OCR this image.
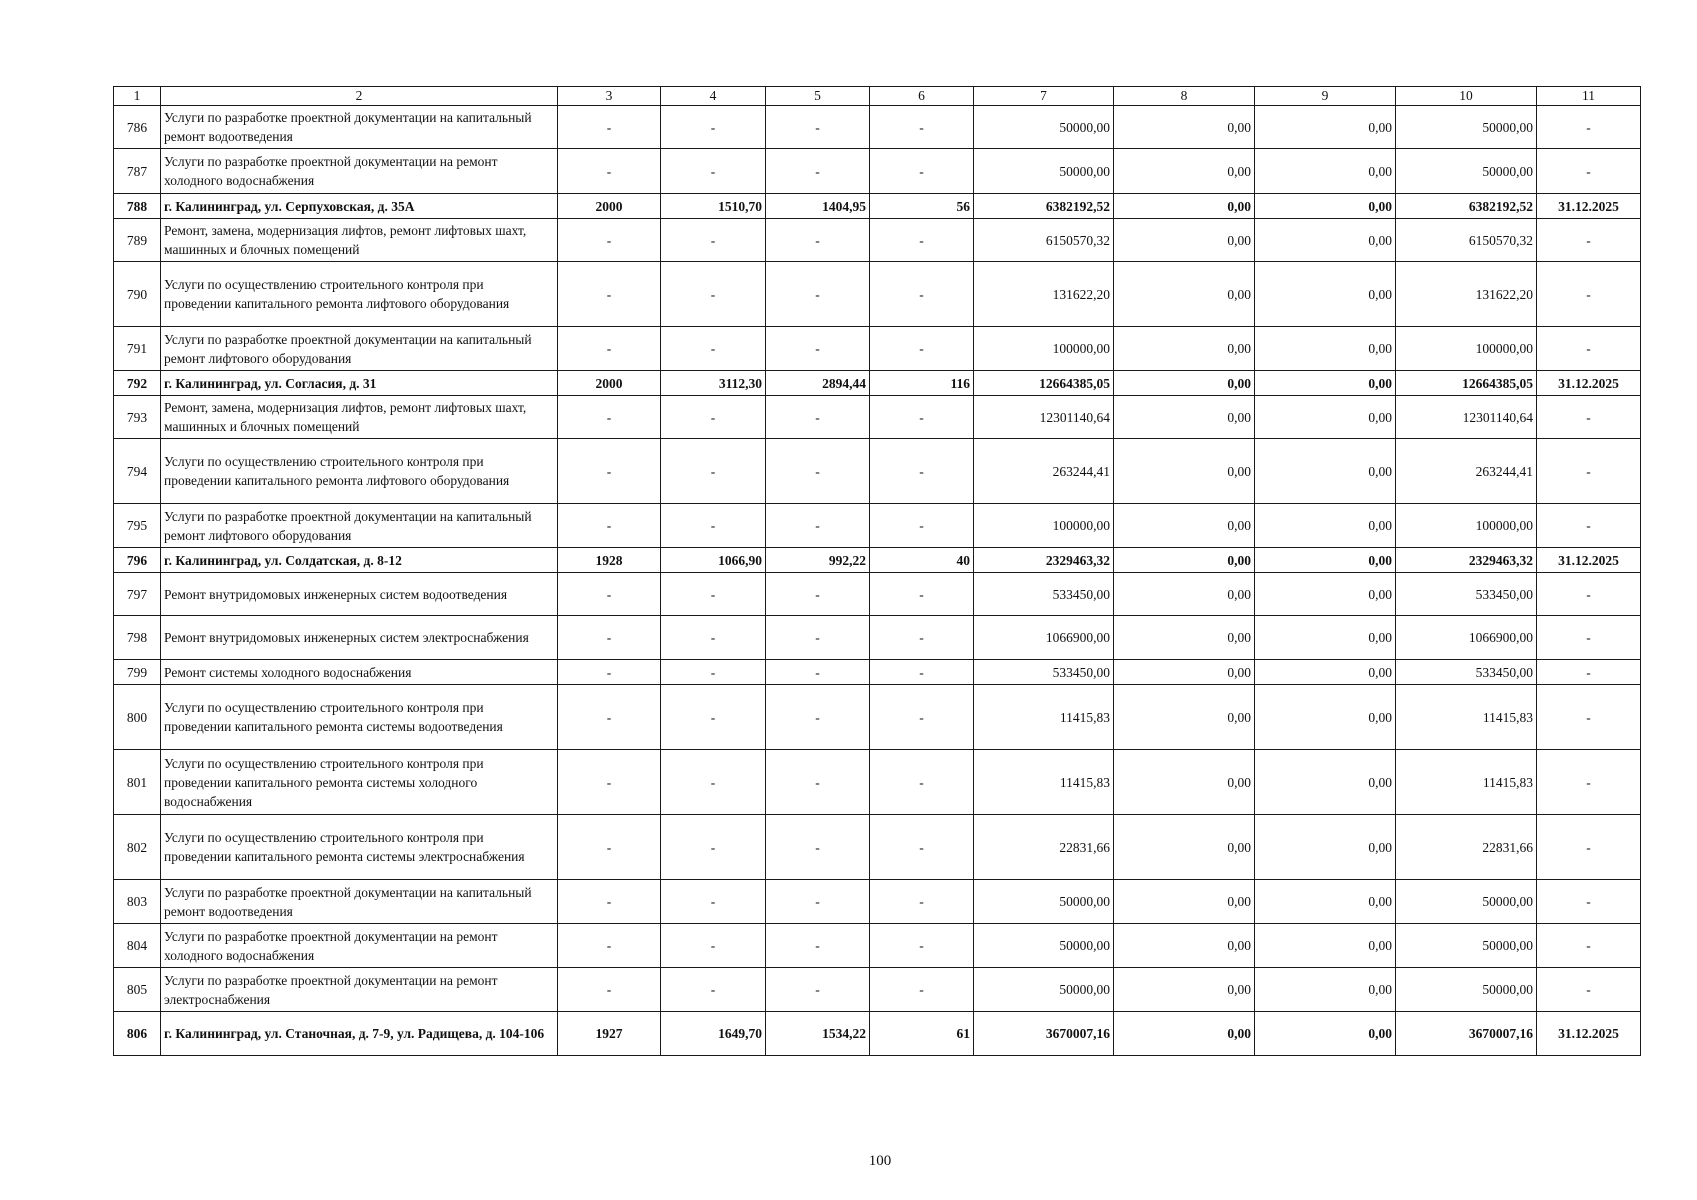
1	2	3	4	5	6	7	8	9	10	11
786	Услуги по разработке проектной документации на капитальный ремонт водоотведения	-	-	-	-	50000,00	0,00	0,00	50000,00	-
787	Услуги по разработке проектной документации на ремонт холодного водоснабжения	-	-	-	-	50000,00	0,00	0,00	50000,00	-
788	г. Калининград, ул. Серпуховская, д. 35А	2000	1510,70	1404,95	56	6382192,52	0,00	0,00	6382192,52	31.12.2025
789	Ремонт, замена, модернизация лифтов, ремонт лифтовых шахт, машинных и блочных помещений	-	-	-	-	6150570,32	0,00	0,00	6150570,32	-
790	Услуги по осуществлению строительного контроля при проведении капитального ремонта лифтового оборудования	-	-	-	-	131622,20	0,00	0,00	131622,20	-
791	Услуги по разработке проектной документации на капитальный ремонт лифтового оборудования	-	-	-	-	100000,00	0,00	0,00	100000,00	-
792	г. Калининград, ул. Согласия, д. 31	2000	3112,30	2894,44	116	12664385,05	0,00	0,00	12664385,05	31.12.2025
793	Ремонт, замена, модернизация лифтов, ремонт лифтовых шахт, машинных и блочных помещений	-	-	-	-	12301140,64	0,00	0,00	12301140,64	-
794	Услуги по осуществлению строительного контроля при проведении капитального ремонта лифтового оборудования	-	-	-	-	263244,41	0,00	0,00	263244,41	-
795	Услуги по разработке проектной документации на капитальный ремонт лифтового оборудования	-	-	-	-	100000,00	0,00	0,00	100000,00	-
796	г. Калининград, ул. Солдатская, д. 8-12	1928	1066,90	992,22	40	2329463,32	0,00	0,00	2329463,32	31.12.2025
797	Ремонт внутридомовых инженерных систем водоотведения	-	-	-	-	533450,00	0,00	0,00	533450,00	-
798	Ремонт внутридомовых инженерных систем электроснабжения	-	-	-	-	1066900,00	0,00	0,00	1066900,00	-
799	Ремонт системы холодного водоснабжения	-	-	-	-	533450,00	0,00	0,00	533450,00	-
800	Услуги по осуществлению строительного контроля при проведении капитального ремонта системы водоотведения	-	-	-	-	11415,83	0,00	0,00	11415,83	-
801	Услуги по осуществлению строительного контроля при проведении капитального ремонта системы холодного водоснабжения	-	-	-	-	11415,83	0,00	0,00	11415,83	-
802	Услуги по осуществлению строительного контроля при проведении капитального ремонта системы электроснабжения	-	-	-	-	22831,66	0,00	0,00	22831,66	-
803	Услуги по разработке проектной документации на капитальный ремонт водоотведения	-	-	-	-	50000,00	0,00	0,00	50000,00	-
804	Услуги по разработке проектной документации на ремонт холодного водоснабжения	-	-	-	-	50000,00	0,00	0,00	50000,00	-
805	Услуги по разработке проектной документации на ремонт электроснабжения	-	-	-	-	50000,00	0,00	0,00	50000,00	-
806	г. Калининград, ул. Станочная, д. 7-9, ул. Радищева, д. 104-106	1927	1649,70	1534,22	61	3670007,16	0,00	0,00	3670007,16	31.12.2025
100
